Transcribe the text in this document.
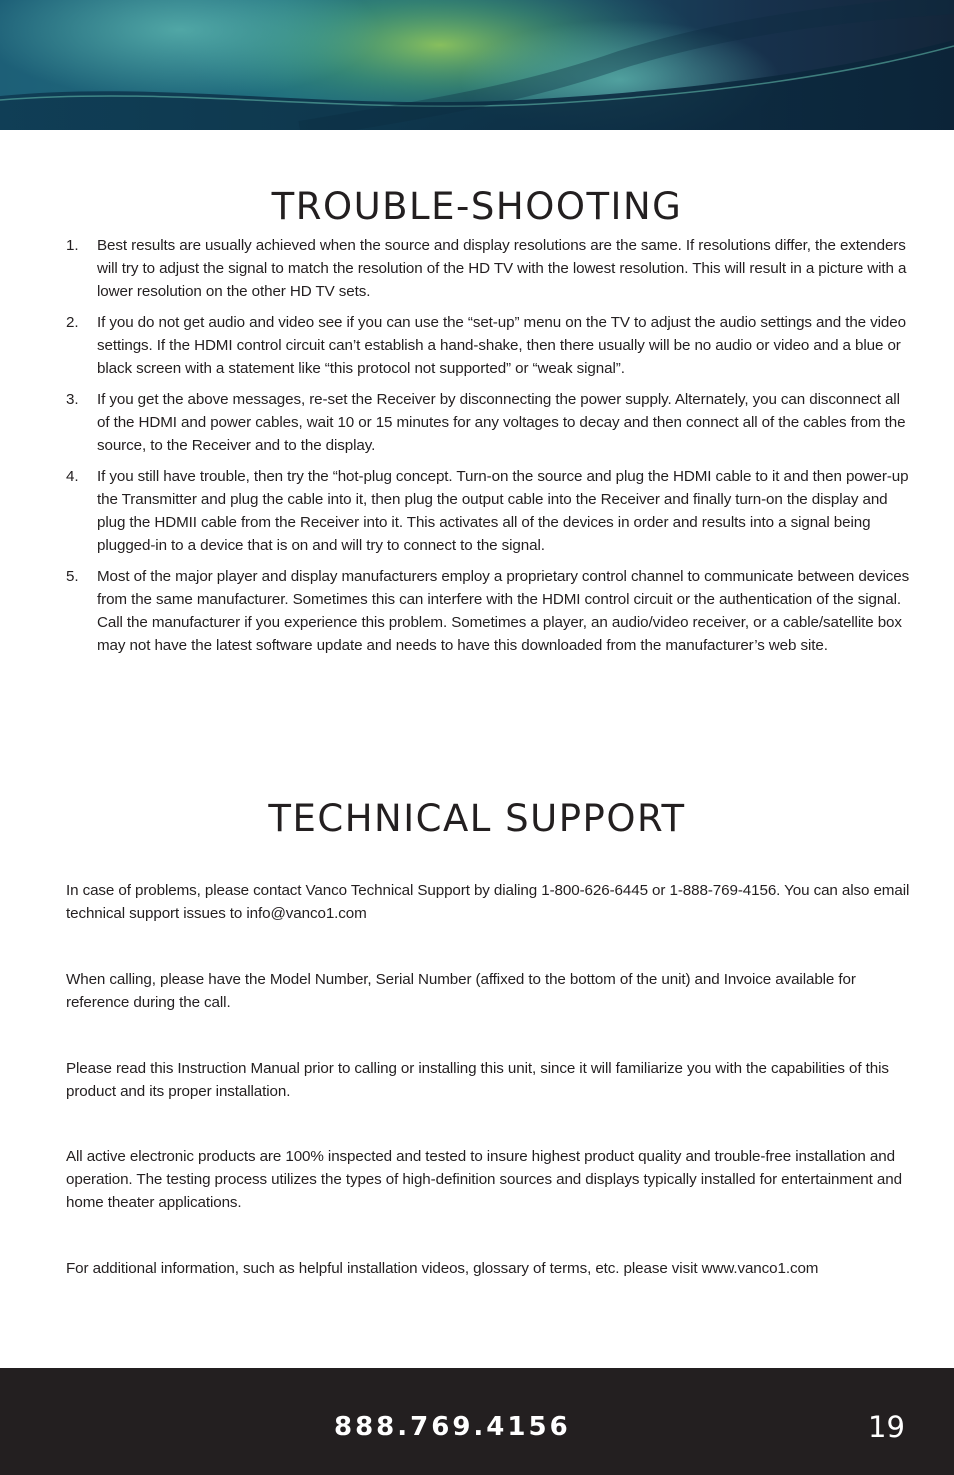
TROUBLE-SHOOTING
1. Best results are usually achieved when the source and display resolutions are the same. If resolutions differ, the extenders will try to adjust the signal to match the resolution of the HD TV with the lowest resolution. This will result in a picture with a lower resolution on the other HD TV sets.
2. If you do not get audio and video see if you can use the “set-up” menu on the TV to adjust the audio settings and the video settings. If the HDMI control circuit can’t establish a hand-shake, then there usually will be no audio or video and a blue or black screen with a statement like “this protocol not supported” or “weak signal”.
3. If you get the above messages, re-set the Receiver by disconnecting the power supply. Alternately, you can disconnect all of the HDMI and power cables, wait 10 or 15 minutes for any voltages to decay and then connect all of the cables from the source, to the Receiver and to the display.
4. If you still have trouble, then try the “hot-plug concept. Turn-on the source and plug the HDMI cable to it and then power-up the Transmitter and plug the cable into it, then plug the output cable into the Receiver and finally turn-on the display and plug the HDMII cable from the Receiver into it. This activates all of the devices in order and results into a signal being plugged-in to a device that is on and will try to connect to the signal.
5. Most of the major player and display manufacturers employ a proprietary control channel to communicate between devices from the same manufacturer. Sometimes this can interfere with the HDMI control circuit or the authentication of the signal. Call the manufacturer if you experience this problem. Sometimes a player, an audio/video receiver, or a cable/satellite box may not have the latest software update and needs to have this downloaded from the manufacturer’s web site.
TECHNICAL SUPPORT

In case of problems, please contact Vanco Technical Support by dialing 1-800-626-6445 or 1-888-769-4156. You can also email technical support issues to info@vanco1.com

When calling, please have the Model Number, Serial Number (affixed to the bottom of the unit) and Invoice available for reference during the call.

Please read this Instruction Manual prior to calling or installing this unit, since it will familiarize you with the capabilities of this product and its proper installation.

All active electronic products are 100% inspected and tested to insure highest product quality and trouble-free installation and operation. The testing process utilizes the types of high-definition sources and displays typically installed for entertainment and home theater applications.

For additional information, such as helpful installation videos, glossary of terms, etc. please visit www.vanco1.com

888.769.4156	19
